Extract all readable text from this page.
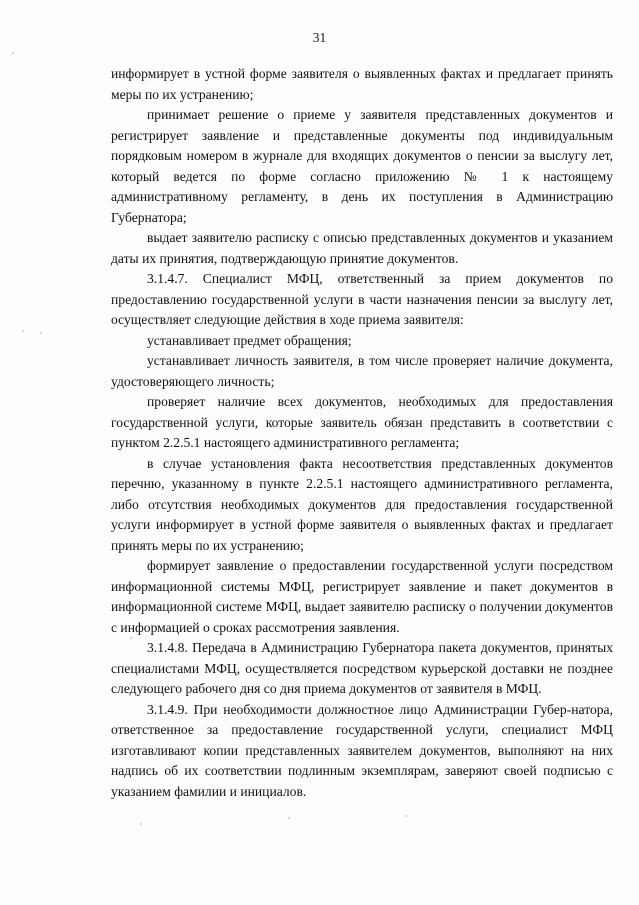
31

информирует в устной форме заявителя о выявленных фактах и предлагает принять меры по их устранению;

принимает решение о приеме у заявителя представленных документов и регистрирует заявление и представленные документы под индивидуальным порядковым номером в журнале для входящих документов о пенсии за выслугу лет, который ведется по форме согласно приложению № 1 к настоящему административному регламенту, в день их поступления в Администрацию Губернатора;

выдает заявителю расписку с описью представленных документов и указанием даты их принятия, подтверждающую принятие документов.

3.1.4.7. Специалист МФЦ, ответственный за прием документов по предоставлению государственной услуги в части назначения пенсии за выслугу лет, осуществляет следующие действия в ходе приема заявителя:

устанавливает предмет обращения;

устанавливает личность заявителя, в том числе проверяет наличие документа, удостоверяющего личность;

проверяет наличие всех документов, необходимых для предоставления государственной услуги, которые заявитель обязан представить в соответствии с пунктом 2.2.5.1 настоящего административного регламента;

в случае установления факта несоответствия представленных документов перечню, указанному в пункте 2.2.5.1 настоящего административного регламента, либо отсутствия необходимых документов для предоставления государственной услуги информирует в устной форме заявителя о выявленных фактах и предлагает принять меры по их устранению;

формирует заявление о предоставлении государственной услуги посредством информационной системы МФЦ, регистрирует заявление и пакет документов в информационной системе МФЦ, выдает заявителю расписку о получении документов с информацией о сроках рассмотрения заявления.

3.1.4.8. Передача в Администрацию Губернатора пакета документов, принятых специалистами МФЦ, осуществляется посредством курьерской доставки не позднее следующего рабочего дня со дня приема документов от заявителя в МФЦ.

3.1.4.9. При необходимости должностное лицо Администрации Губер-натора, ответственное за предоставление государственной услуги, специалист МФЦ изготавливают копии представленных заявителем документов, выполняют на них надпись об их соответствии подлинным экземплярам, заверяют своей подписью с указанием фамилии и инициалов.
